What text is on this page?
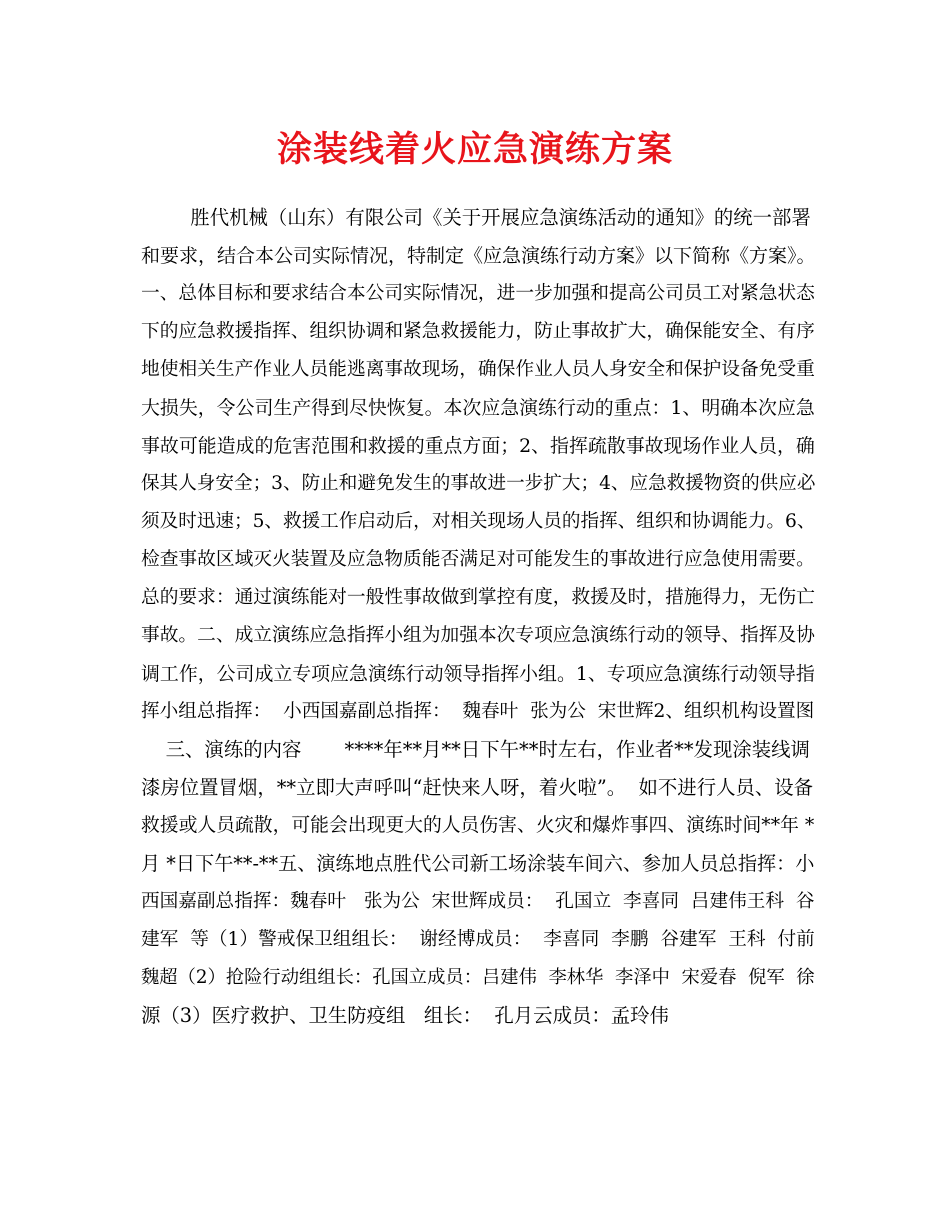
涂装线着火应急演练方案
胜代机械（山东）有限公司《关于开展应急演练活动的通知》的统一部署
和要求，结合本公司实际情况，特制定《应急演练行动方案》以下简称《方案》。
一、总体目标和要求结合本公司实际情况，进一步加强和提高公司员工对紧急状态
下的应急救援指挥、组织协调和紧急救援能力，防止事故扩大，确保能安全、有序
地使相关生产作业人员能逃离事故现场，确保作业人员人身安全和保护设备免受重
大损失，令公司生产得到尽快恢复。本次应急演练行动的重点：1、明确本次应急
事故可能造成的危害范围和救援的重点方面；2、指挥疏散事故现场作业人员，确
保其人身安全；3、防止和避免发生的事故进一步扩大；4、应急救援物资的供应必
须及时迅速；5、救援工作启动后，对相关现场人员的指挥、组织和协调能力。6、
检查事故区域灭火装置及应急物质能否满足对可能发生的事故进行应急使用需要。
总的要求：通过演练能对一般性事故做到掌控有度，救援及时，措施得力，无伤亡
事故。二、成立演练应急指挥小组为加强本次专项应急演练行动的领导、指挥及协
调工作，公司成立专项应急演练行动领导指挥小组。1、专项应急演练行动领导指
挥小组总指挥：  小西国嘉副总指挥：  魏春叶  张为公  宋世辉2、组织机构设置图
三、演练的内容       ****年**月**日下午**时左右，作业者**发现涂装线调
漆房位置冒烟，**立即大声呼叫“赶快来人呀，着火啦”。  如不进行人员、设备
救援或人员疏散，可能会出现更大的人员伤害、火灾和爆炸事四、演练时间**年 *
月 *日下午**-**五、演练地点胜代公司新工场涂装车间六、参加人员总指挥：小
西国嘉副总指挥：魏春叶   张为公  宋世辉成员：  孔国立  李喜同  吕建伟王科  谷
建军  等（1）警戒保卫组组长：  谢经博成员：  李喜同  李鹏  谷建军  王科  付前
魏超（2）抢险行动组组长：孔国立成员：吕建伟  李林华  李泽中  宋爱春  倪军  徐
源（3）医疗救护、卫生防疫组   组长：  孔月云成员：孟玲伟
